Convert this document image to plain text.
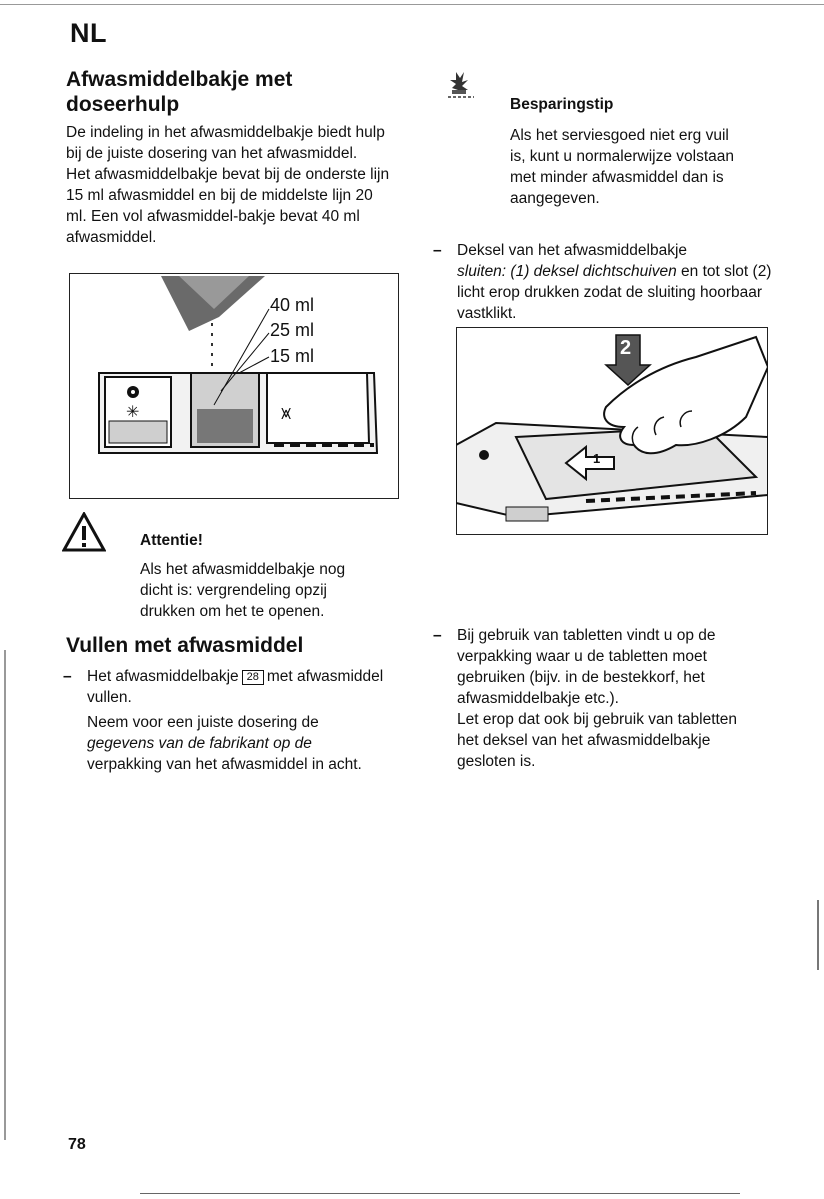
NL
Afwasmiddelbakje met
doseerhulp

De indeling in het afwasmiddelbakje biedt hulp bij de juiste dosering van het afwasmiddel.

Het afwasmiddelbakje bevat bij de onderste lijn 15 ml afwasmiddel en bij de middelste lijn 20 ml. Een vol afwasmiddel-bakje bevat 40 ml afwasmiddel.

✳	⩙
40 ml
25 ml
15 ml

Attentie!

Als het afwasmiddelbakje nog dicht is: vergrendeling opzij drukken om het te openen.

Vullen met afwasmiddel
– Het afwasmiddelbakje 28 met afwasmiddel vullen.

Neem voor een juiste dosering de gegevens van de fabrikant op de verpakking van het afwasmiddel in acht.

Besparingstip

Als het serviesgoed niet erg vuil is, kunt u normalerwijze volstaan met minder afwasmiddel dan is aangegeven.

– Deksel van het afwasmiddelbakje
sluiten: (1) deksel dichtschuiven en tot slot (2) licht erop drukken zodat de sluiting hoorbaar vastklikt.

2
1
– Bij gebruik van tabletten vindt u op de verpakking waar u de tabletten moet gebruiken (bijv. in de bestekkorf, het afwasmiddelbakje etc.).

Let erop dat ook bij gebruik van tabletten het deksel van het afwasmiddelbakje gesloten is.

78
